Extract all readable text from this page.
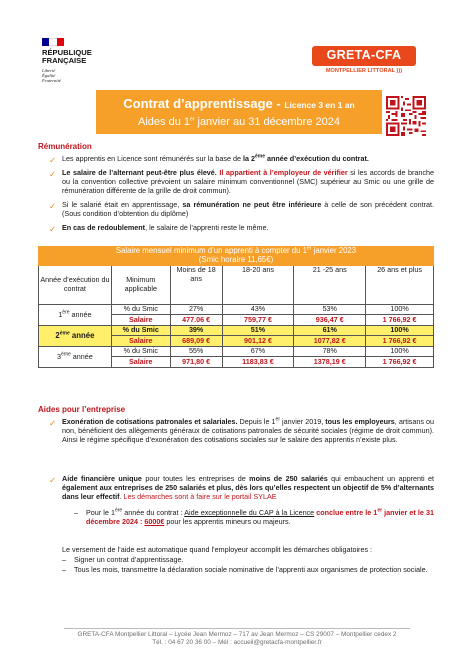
RÉPUBLIQUE
FRANÇAISE
Liberté
Égalité
Fraternité
GRETA-CFA
MONTPELLIER LITTORAL )))
Contrat d’apprentissage - Licence 3 en 1 an
Aides du 1er janvier au 31 décembre 2024
Rémunération
✓ Les apprentis en Licence sont rémunérés sur la base de la 2ème année d’exécution du contrat.
✓ Le salaire de l’alternant peut-être plus élevé. Il appartient à l’employeur de vérifier si les accords de branche ou la convention collective prévoient un salaire minimum conventionnel (SMC) supérieur au Smic ou une grille de rémunération différente de la grille de droit commun).
✓ Si le salarié était en apprentissage, sa rémunération ne peut être inférieure à celle de son précédent contrat. (Sous condition d’obtention du diplôme)
✓ En cas de redoublement, le salaire de l’apprenti reste le même.
Salaire mensuel minimum d’un apprenti à compter du 1er janvier 2023
(Smic horaire 11,65€)					

Année d’exécution du contrat	Minimum applicable	Moins de 18 ans	18-20 ans	21 -25 ans	26 ans et plus
1ère année	% du Smic	27%	43%	53%	100%
	Salaire	477.06 €	759,77 €	936,47 €	1 766,92 €
2ème année	% du Smic	39%	51%	61%	100%
	Salaire	689,09 €	901,12 €	1077,82 €	1 766,92 €
3ème année	% du Smic	55%	67%	78%	100%
	Salaire	971,80 €	1183,83 €	1378,19 €	1 766,92 €
Aides pour l’entreprise
✓ Exonération de cotisations patronales et salariales. Depuis le 1er janvier 2019, tous les employeurs, artisans ou non, bénéficient des allègements généraux de cotisations patronales de sécurité sociales (régime de droit commun). Ainsi le régime spécifique d’exonération des cotisations sociales sur le salaire des apprentis n’existe plus.
✓ Aide financière unique pour toutes les entreprises de moins de 250 salariés qui embauchent un apprenti et également aux entreprises de 250 salariés et plus, dès lors qu’elles respectent un objectif de 5% d’alternants dans leur effectif. Les démarches sont à faire sur le portail SYLAE
– Pour le 1ère année du contrat : Aide exceptionnelle du CAP à la Licence conclue entre le 1er janvier et le 31 décembre 2024 : 6000€ pour les apprentis mineurs ou majeurs.
Le versement de l’aide est automatique quand l’employeur accomplit les démarches obligatoires :
– Signer un contrat d’apprentissage.
– Tous les mois, transmettre la déclaration sociale nominative de l’apprenti aux organismes de protection sociale.
GRETA-CFA Montpellier Littoral – Lycée Jean Mermoz – 717 av Jean Mermoz – CS 29007 – Montpellier cedex 2
Tél. : 04 67 20 36 00 – Mél : accueil@gretacfa-montpellier.fr
